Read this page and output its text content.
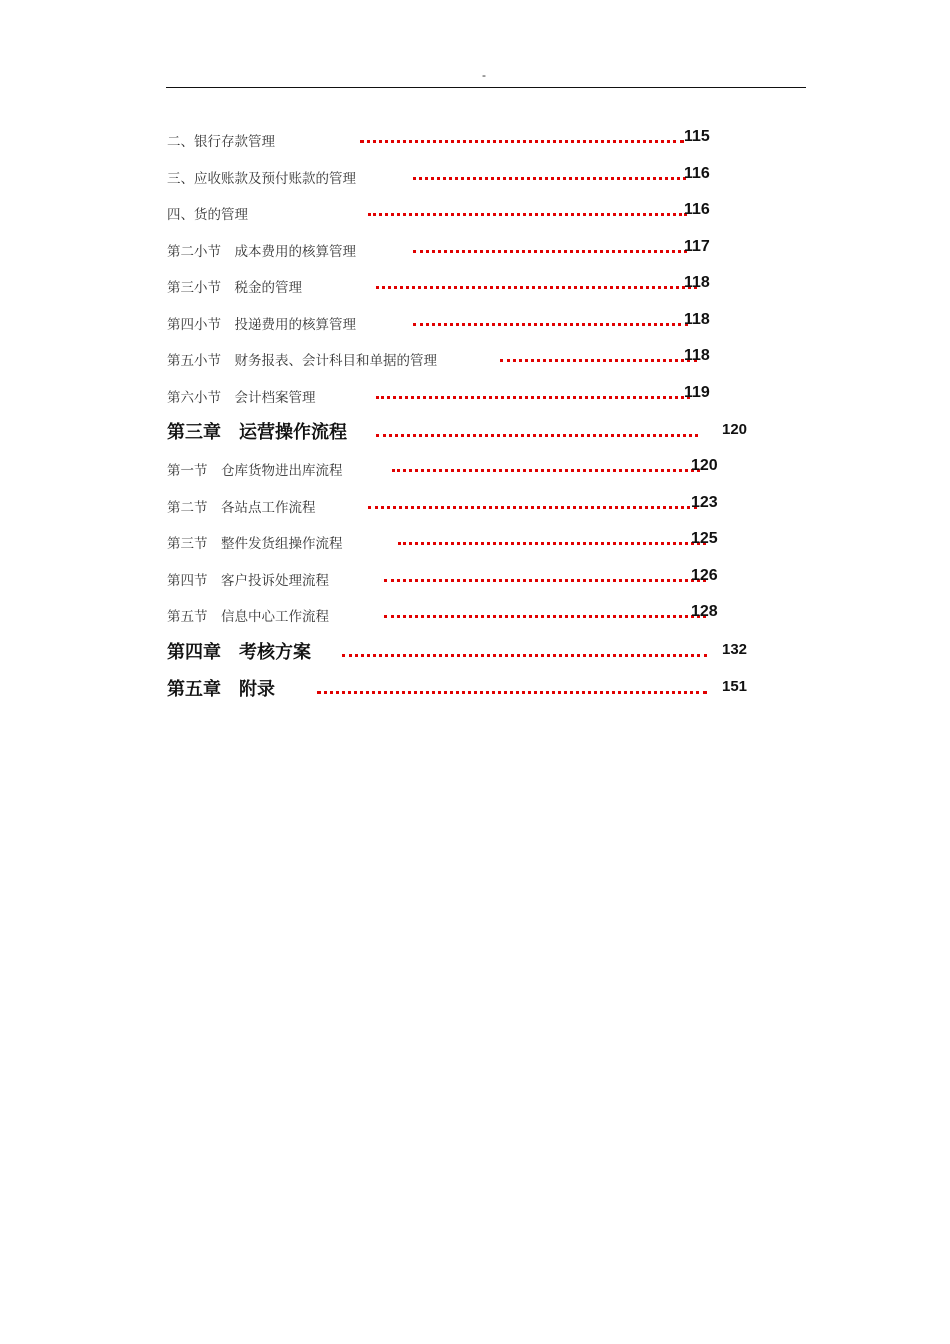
-
二、银行存款管理	115
三、应收账款及预付账款的管理	116
四、货的管理	116
第二小节　成本费用的核算管理	117
第三小节　税金的管理	118
第四小节　投递费用的核算管理	118
第五小节　财务报表、会计科目和单据的管理	118
第六小节　会计档案管理	119
第三章　运营操作流程	120
第一节　仓库货物进出库流程	120
第二节　各站点工作流程	123
第三节　整件发货组操作流程	125
第四节　客户投诉处理流程	126
第五节　信息中心工作流程	128
第四章　考核方案	132
第五章　附录	151
